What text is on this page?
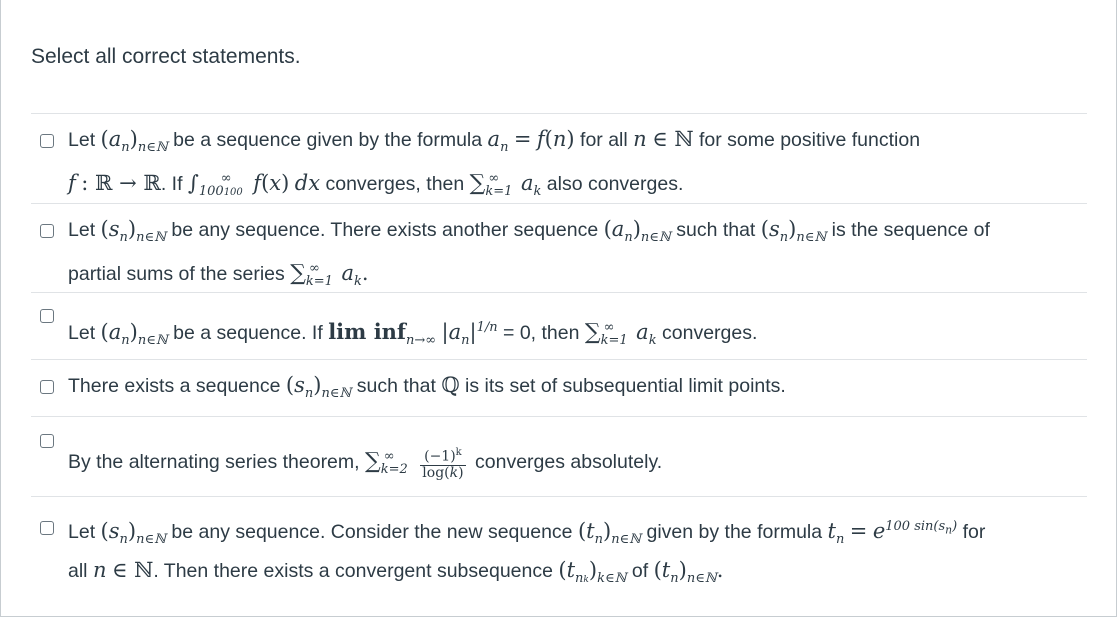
Select all correct statements.
Let $(a_n)_{n\in ℕ}$ be a sequence given by the formula $a_n = f(n)$ for all n ∈ ℕ for some positive function
f : ℝ → ℝ. If $\int_{100100}^\infty$ f(x) dx converges, then $\sum_{k=1}^\infty$ $a_k$ also converges.
Let $(s_n)_{n\in ℕ}$ be any sequence. There exists another sequence $(a_n)_{n\in ℕ}$ such that $(s_n)_{n\in ℕ}$ is the sequence of
partial sums of the series $\sum_{k=1}^\infty$ $a_k$.
Let $(a_n)_{n\in ℕ}$ be a sequence. If lim inf$_{n\to\infty}$ $|a_n|^{1/n} = 0$, then $\sum_{k=1}^\infty$ $a_k$ converges.
There exists a sequence $(s_n)_{n\in ℕ}$ such that ℚ is its set of subsequential limit points.
By the alternating series theorem, $\sum_{k=2}^\infty \frac{(-1)^k}{\log(k)}$ converges absolutely.
Let $(s_n)_{n\in ℕ}$ be any sequence. Consider the new sequence $(t_n)_{n\in ℕ}$ given by the formula $t_n = e^{100 sin(s_n)}$ for
all n ∈ ℕ. Then there exists a convergent subsequence $(t_{nk})_{k\in ℕ}$ of $(t_n)_{n\in ℕ}$.
